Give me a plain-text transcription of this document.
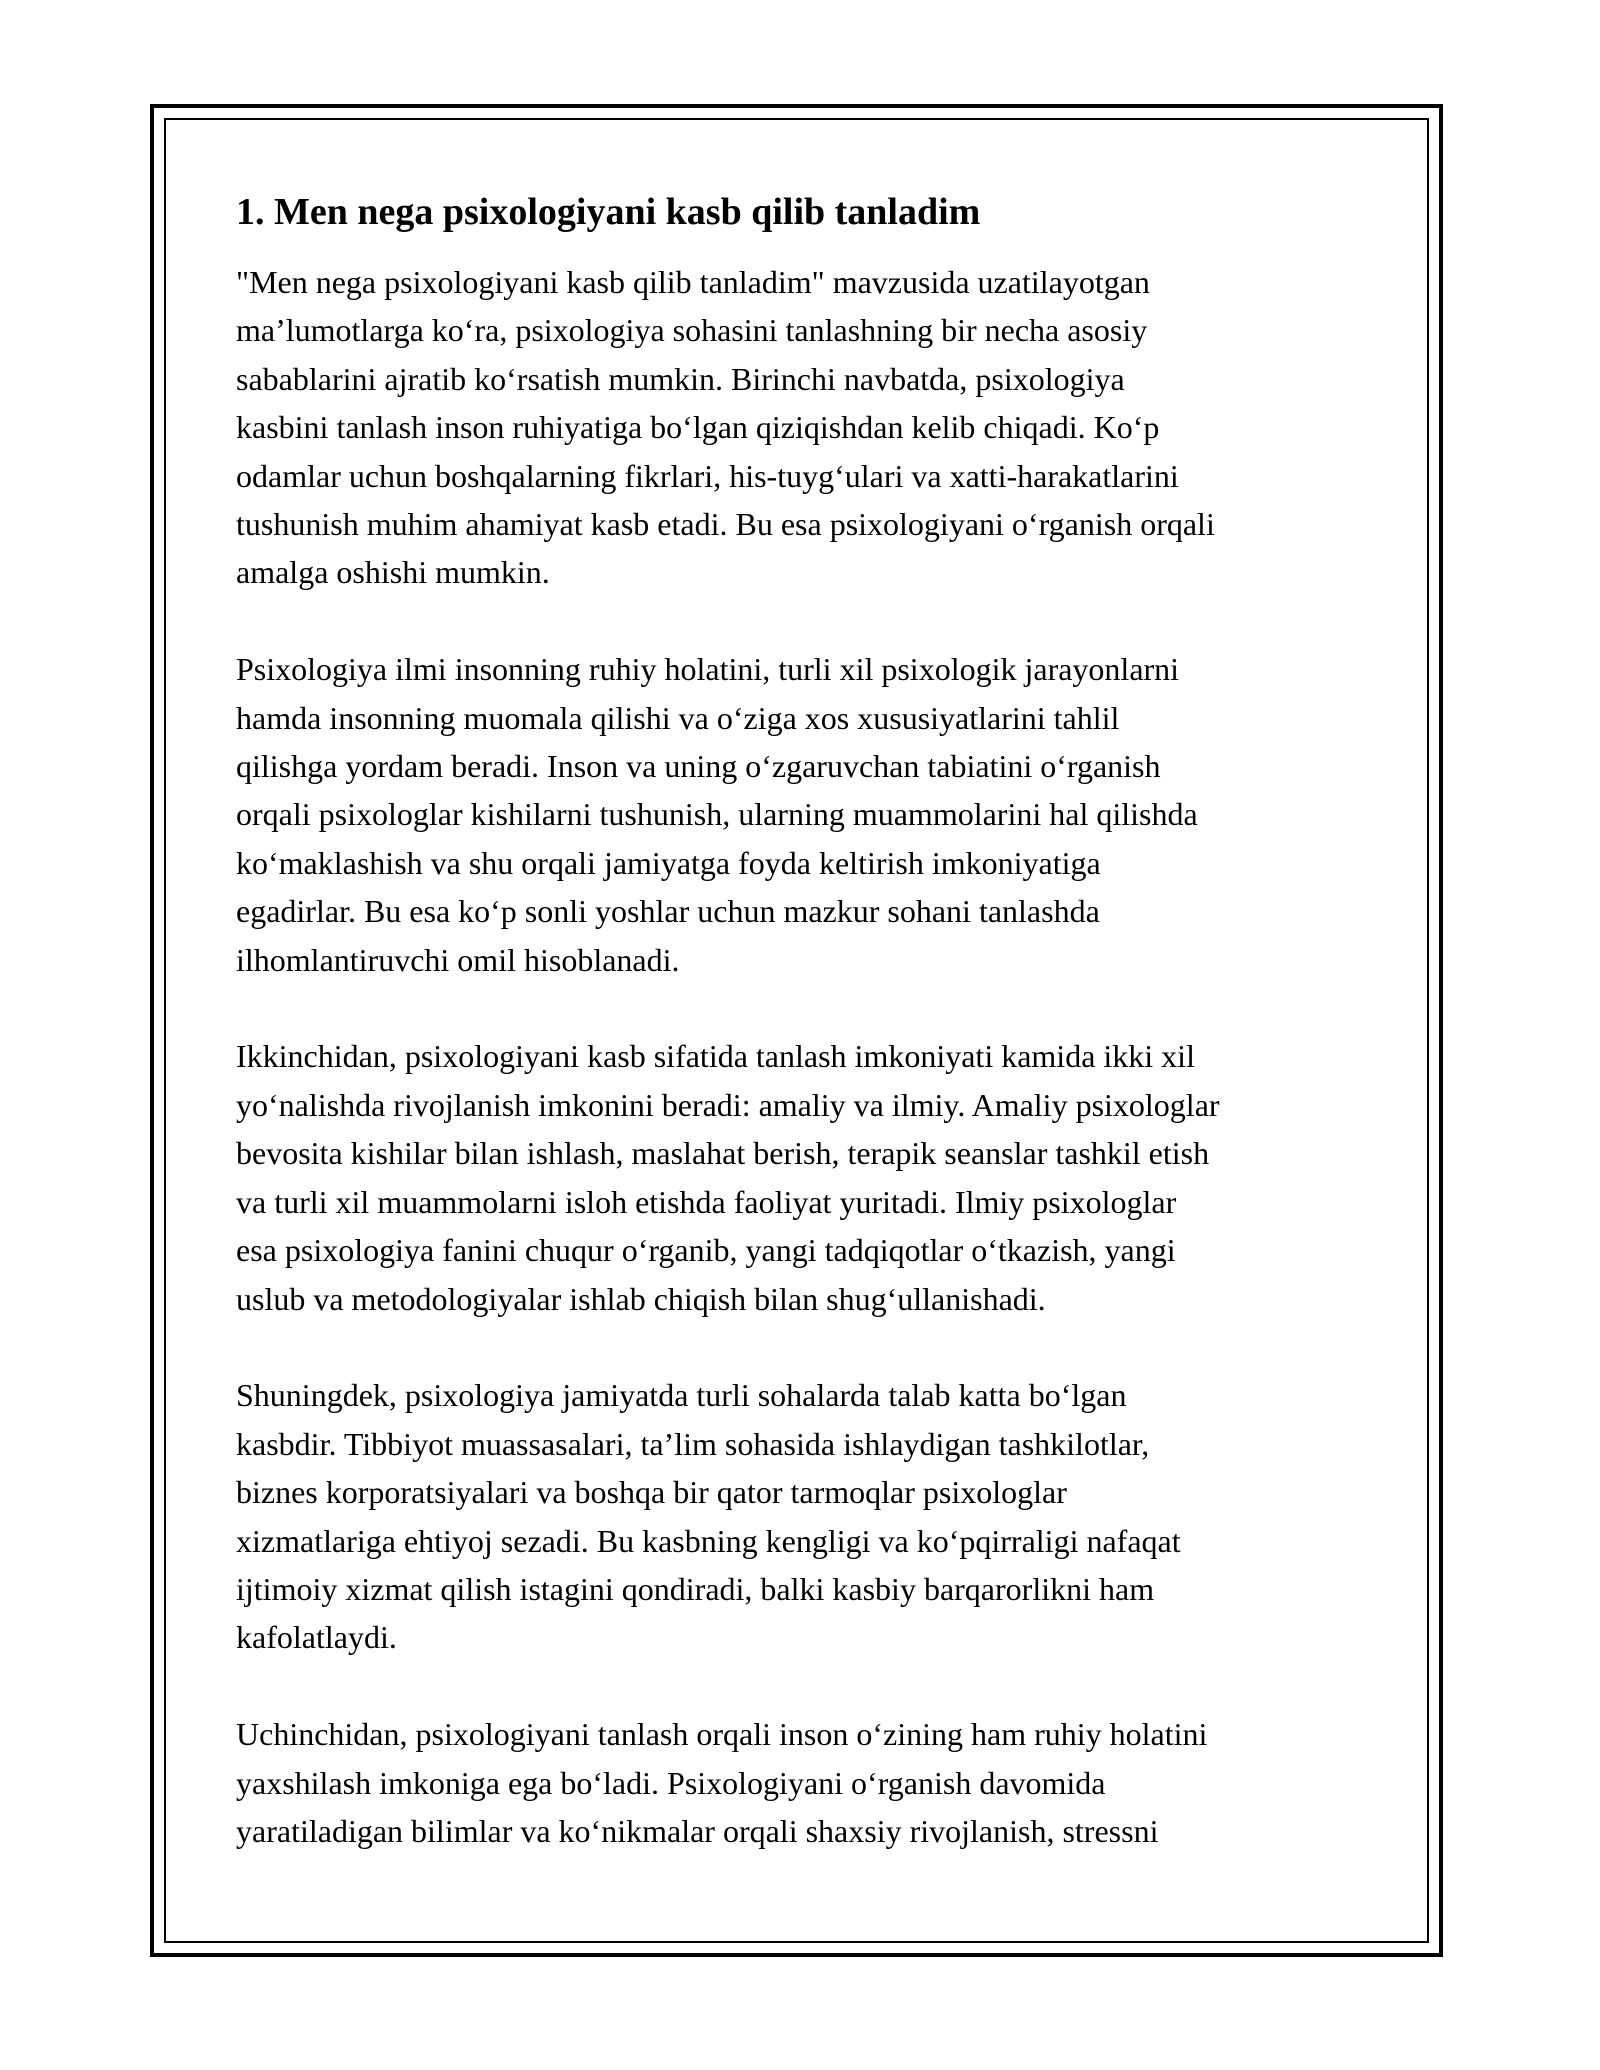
1. Men nega psixologiyani kasb qilib tanladim

"Men nega psixologiyani kasb qilib tanladim" mavzusida uzatilayotgan
ma’lumotlarga ko‘ra, psixologiya sohasini tanlashning bir necha asosiy
sabablarini ajratib ko‘rsatish mumkin. Birinchi navbatda, psixologiya
kasbini tanlash inson ruhiyatiga bo‘lgan qiziqishdan kelib chiqadi. Ko‘p
odamlar uchun boshqalarning fikrlari, his-tuyg‘ulari va xatti-harakatlarini
tushunish muhim ahamiyat kasb etadi. Bu esa psixologiyani o‘rganish orqali
amalga oshishi mumkin.

Psixologiya ilmi insonning ruhiy holatini, turli xil psixologik jarayonlarni
hamda insonning muomala qilishi va o‘ziga xos xususiyatlarini tahlil
qilishga yordam beradi. Inson va uning o‘zgaruvchan tabiatini o‘rganish
orqali psixologlar kishilarni tushunish, ularning muammolarini hal qilishda
ko‘maklashish va shu orqali jamiyatga foyda keltirish imkoniyatiga
egadirlar. Bu esa ko‘p sonli yoshlar uchun mazkur sohani tanlashda
ilhomlantiruvchi omil hisoblanadi.

Ikkinchidan, psixologiyani kasb sifatida tanlash imkoniyati kamida ikki xil
yo‘nalishda rivojlanish imkonini beradi: amaliy va ilmiy. Amaliy psixologlar
bevosita kishilar bilan ishlash, maslahat berish, terapik seanslar tashkil etish
va turli xil muammolarni isloh etishda faoliyat yuritadi. Ilmiy psixologlar
esa psixologiya fanini chuqur o‘rganib, yangi tadqiqotlar o‘tkazish, yangi
uslub va metodologiyalar ishlab chiqish bilan shug‘ullanishadi.

Shuningdek, psixologiya jamiyatda turli sohalarda talab katta bo‘lgan
kasbdir. Tibbiyot muassasalari, ta’lim sohasida ishlaydigan tashkilotlar,
biznes korporatsiyalari va boshqa bir qator tarmoqlar psixologlar
xizmatlariga ehtiyoj sezadi. Bu kasbning kengligi va ko‘pqirraligi nafaqat
ijtimoiy xizmat qilish istagini qondiradi, balki kasbiy barqarorlikni ham
kafolatlaydi.

Uchinchidan, psixologiyani tanlash orqali inson o‘zining ham ruhiy holatini
yaxshilash imkoniga ega bo‘ladi. Psixologiyani o‘rganish davomida
yaratiladigan bilimlar va ko‘nikmalar orqali shaxsiy rivojlanish, stressni
